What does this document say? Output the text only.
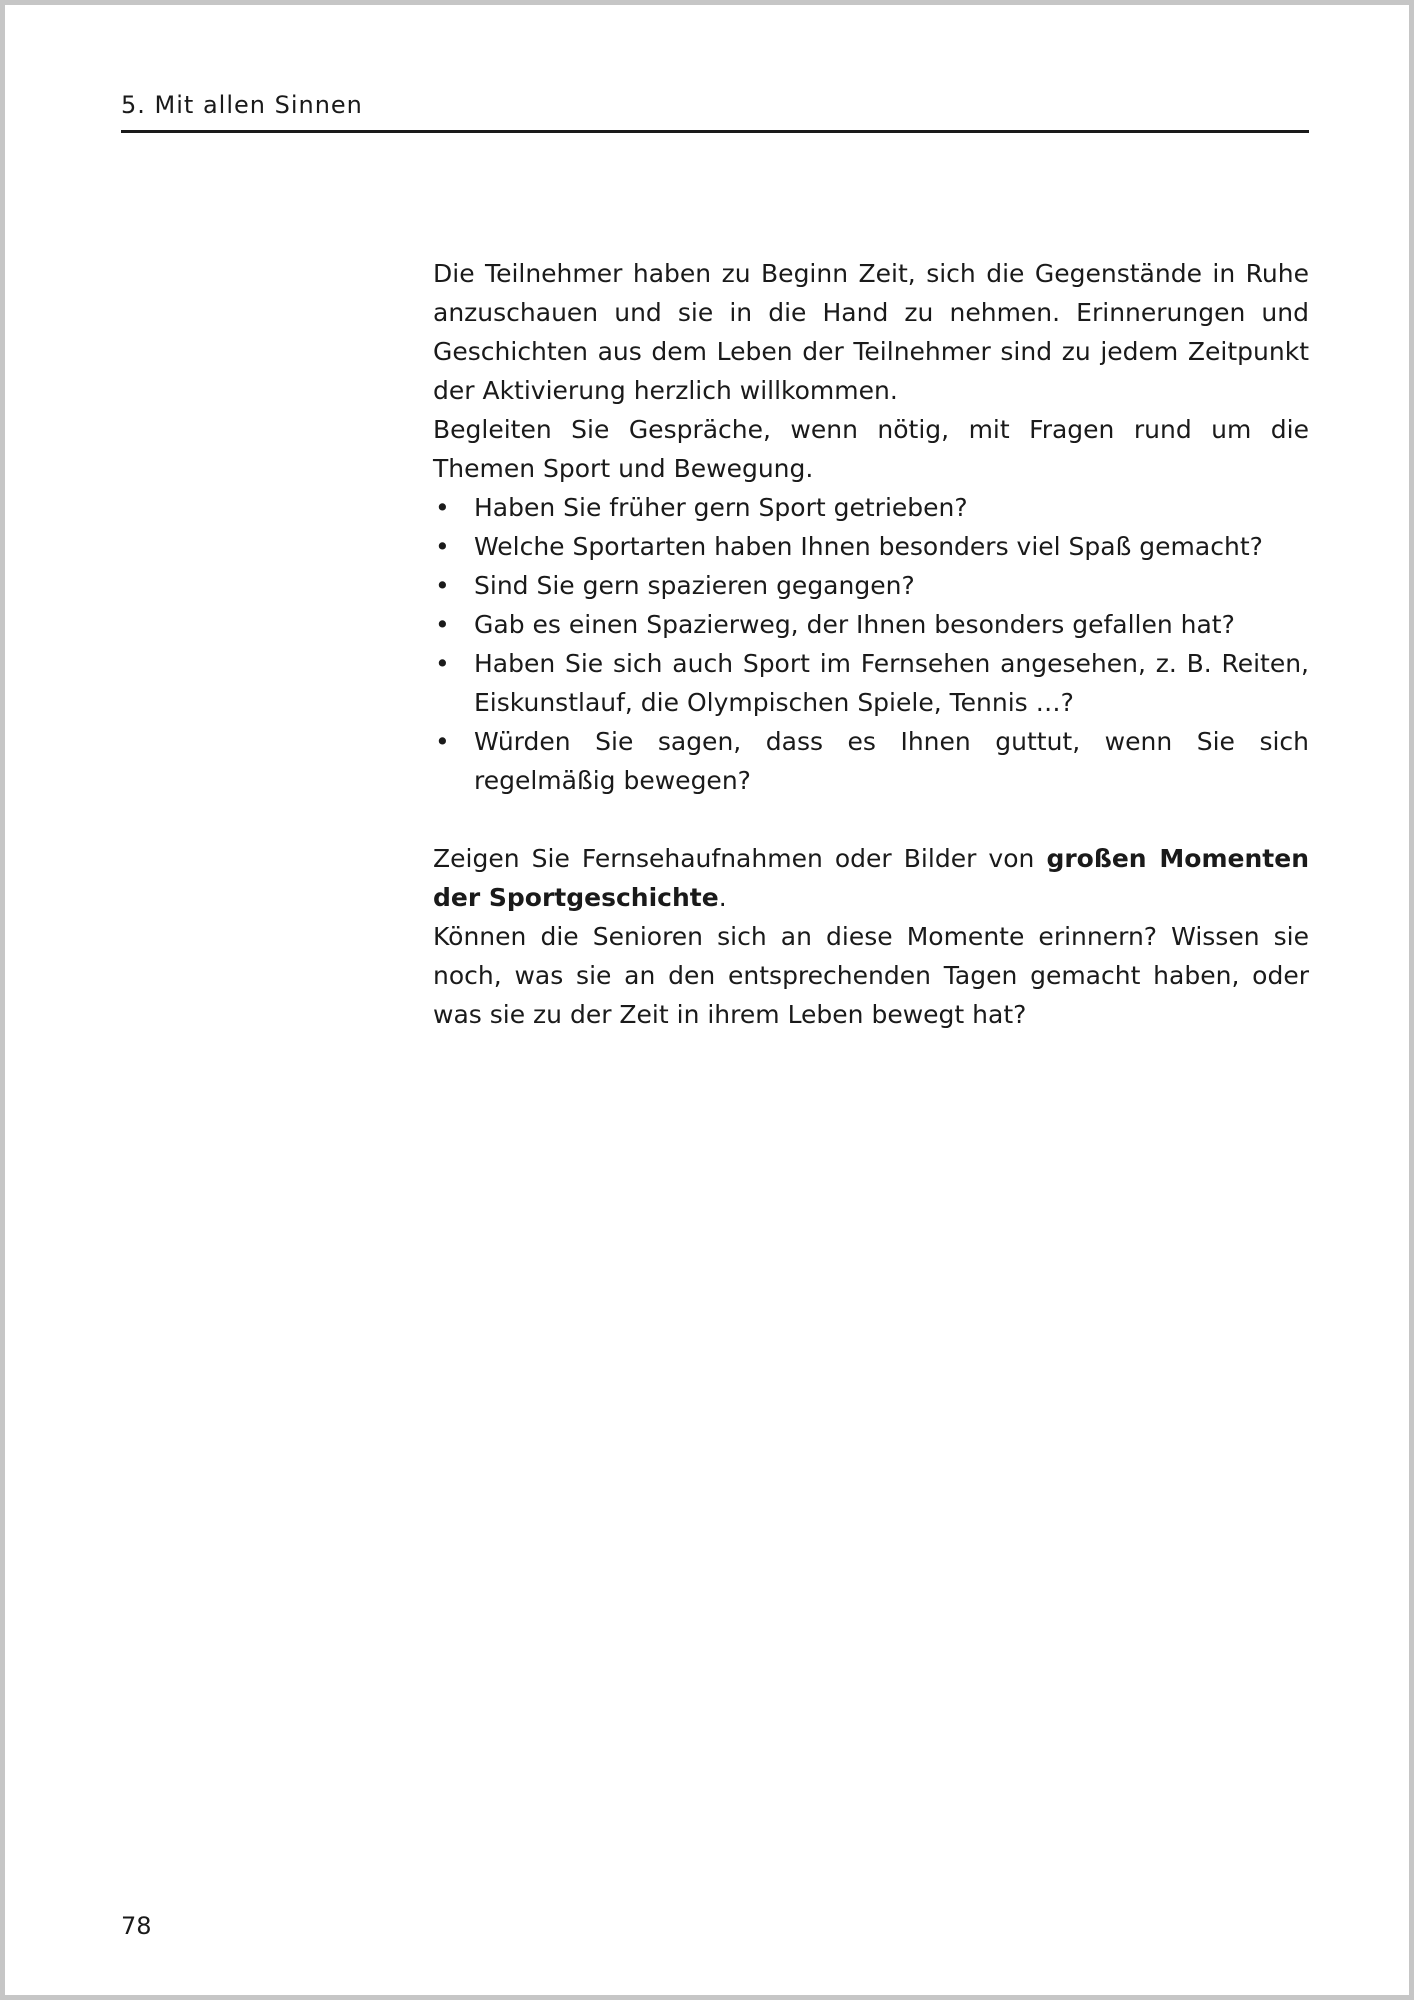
5. Mit allen Sinnen

Die Teilnehmer haben zu Beginn Zeit, sich die Gegenstände in Ruhe anzuschauen und sie in die Hand zu nehmen. Erinnerungen und Geschichten aus dem Leben der Teilnehmer sind zu jedem Zeitpunkt der Aktivierung herzlich willkommen.

Begleiten Sie Gespräche, wenn nötig, mit Fragen rund um die Themen Sport und Bewegung.

• Haben Sie früher gern Sport getrieben?
• Welche Sportarten haben Ihnen besonders viel Spaß gemacht?
• Sind Sie gern spazieren gegangen?
• Gab es einen Spazierweg, der Ihnen besonders gefallen hat?
• Haben Sie sich auch Sport im Fernsehen angesehen, z. B. Reiten, Eiskunstlauf, die Olympischen Spiele, Tennis …?
• Würden Sie sagen, dass es Ihnen guttut, wenn Sie sich regelmäßig bewegen?

Zeigen Sie Fernsehaufnahmen oder Bilder von großen Momenten der Sportgeschichte.

Können die Senioren sich an diese Momente erinnern? Wissen sie noch, was sie an den entsprechenden Tagen gemacht haben, oder was sie zu der Zeit in ihrem Leben bewegt hat?

78
